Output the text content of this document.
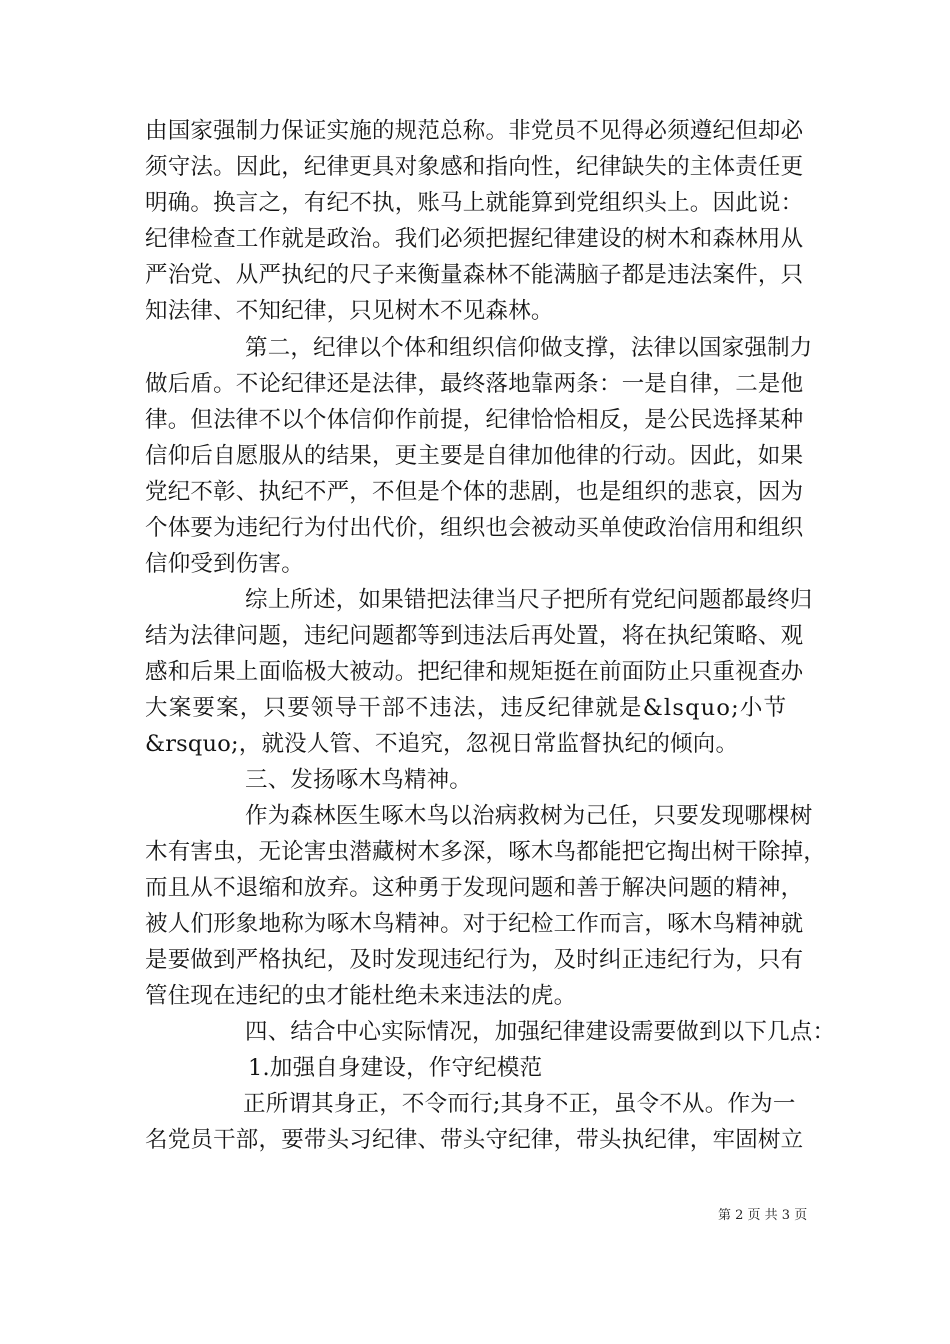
由国家强制力保证实施的规范总称。非党员不见得必须遵纪但却必
须守法。因此，纪律更具对象感和指向性，纪律缺失的主体责任更
明确。换言之，有纪不执，账马上就能算到党组织头上。因此说：
纪律检查工作就是政治。我们必须把握纪律建设的树木和森林用从
严治党、从严执纪的尺子来衡量森林不能满脑子都是违法案件，只
知法律、不知纪律，只见树木不见森林。
第二，纪律以个体和组织信仰做支撑，法律以国家强制力
做后盾。不论纪律还是法律，最终落地靠两条：一是自律，二是他
律。但法律不以个体信仰作前提，纪律恰恰相反，是公民选择某种
信仰后自愿服从的结果，更主要是自律加他律的行动。因此，如果
党纪不彰、执纪不严，不但是个体的悲剧，也是组织的悲哀，因为
个体要为违纪行为付出代价，组织也会被动买单使政治信用和组织
信仰受到伤害。
综上所述，如果错把法律当尺子把所有党纪问题都最终归
结为法律问题，违纪问题都等到违法后再处置，将在执纪策略、观
感和后果上面临极大被动。把纪律和规矩挺在前面防止只重视查办
大案要案，只要领导干部不违法，违反纪律就是&lsquo;小节
&rsquo;，就没人管、不追究，忽视日常监督执纪的倾向。
三、发扬啄木鸟精神。
作为森林医生啄木鸟以治病救树为己任，只要发现哪棵树
木有害虫，无论害虫潜藏树木多深，啄木鸟都能把它掏出树干除掉，
而且从不退缩和放弃。这种勇于发现问题和善于解决问题的精神，
被人们形象地称为啄木鸟精神。对于纪检工作而言，啄木鸟精神就
是要做到严格执纪，及时发现违纪行为，及时纠正违纪行为，只有
管住现在违纪的虫才能杜绝未来违法的虎。
四、结合中心实际情况，加强纪律建设需要做到以下几点：
1.加强自身建设，作守纪模范
正所谓其身正，不令而行;其身不正，虽令不从。作为一
名党员干部，要带头习纪律、带头守纪律，带头执纪律，牢固树立
第 2 页 共 3 页
